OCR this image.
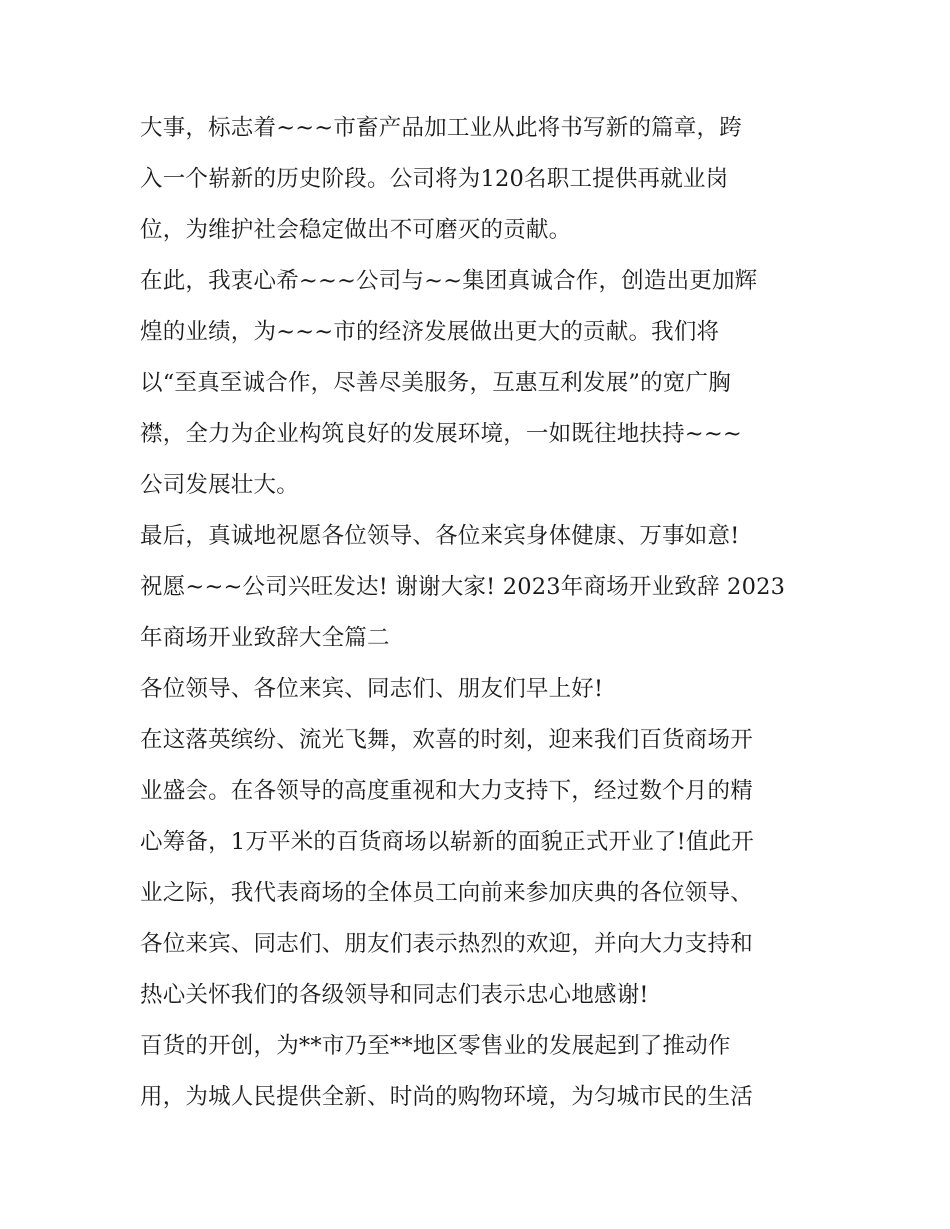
大事，标志着~~~市畜产品加工业从此将书写新的篇章，跨
入一个崭新的历史阶段。公司将为120名职工提供再就业岗
位，为维护社会稳定做出不可磨灭的贡献。
在此，我衷心希~~~公司与~~集团真诚合作，创造出更加辉
煌的业绩，为~~~市的经济发展做出更大的贡献。我们将
以“至真至诚合作，尽善尽美服务，互惠互利发展”的宽广胸
襟，全力为企业构筑良好的发展环境，一如既往地扶持~~~
公司发展壮大。
最后，真诚地祝愿各位领导、各位来宾身体健康、万事如意!
祝愿~~~公司兴旺发达! 谢谢大家! 2023年商场开业致辞 2023
年商场开业致辞大全篇二
各位领导、各位来宾、同志们、朋友们早上好!
在这落英缤纷、流光飞舞，欢喜的时刻，迎来我们百货商场开
业盛会。在各领导的高度重视和大力支持下，经过数个月的精
心筹备，1万平米的百货商场以崭新的面貌正式开业了!值此开
业之际，我代表商场的全体员工向前来参加庆典的各位领导、
各位来宾、同志们、朋友们表示热烈的欢迎，并向大力支持和
热心关怀我们的各级领导和同志们表示忠心地感谢!
百货的开创，为**市乃至**地区零售业的发展起到了推动作
用，为城人民提供全新、时尚的购物环境，为匀城市民的生活
